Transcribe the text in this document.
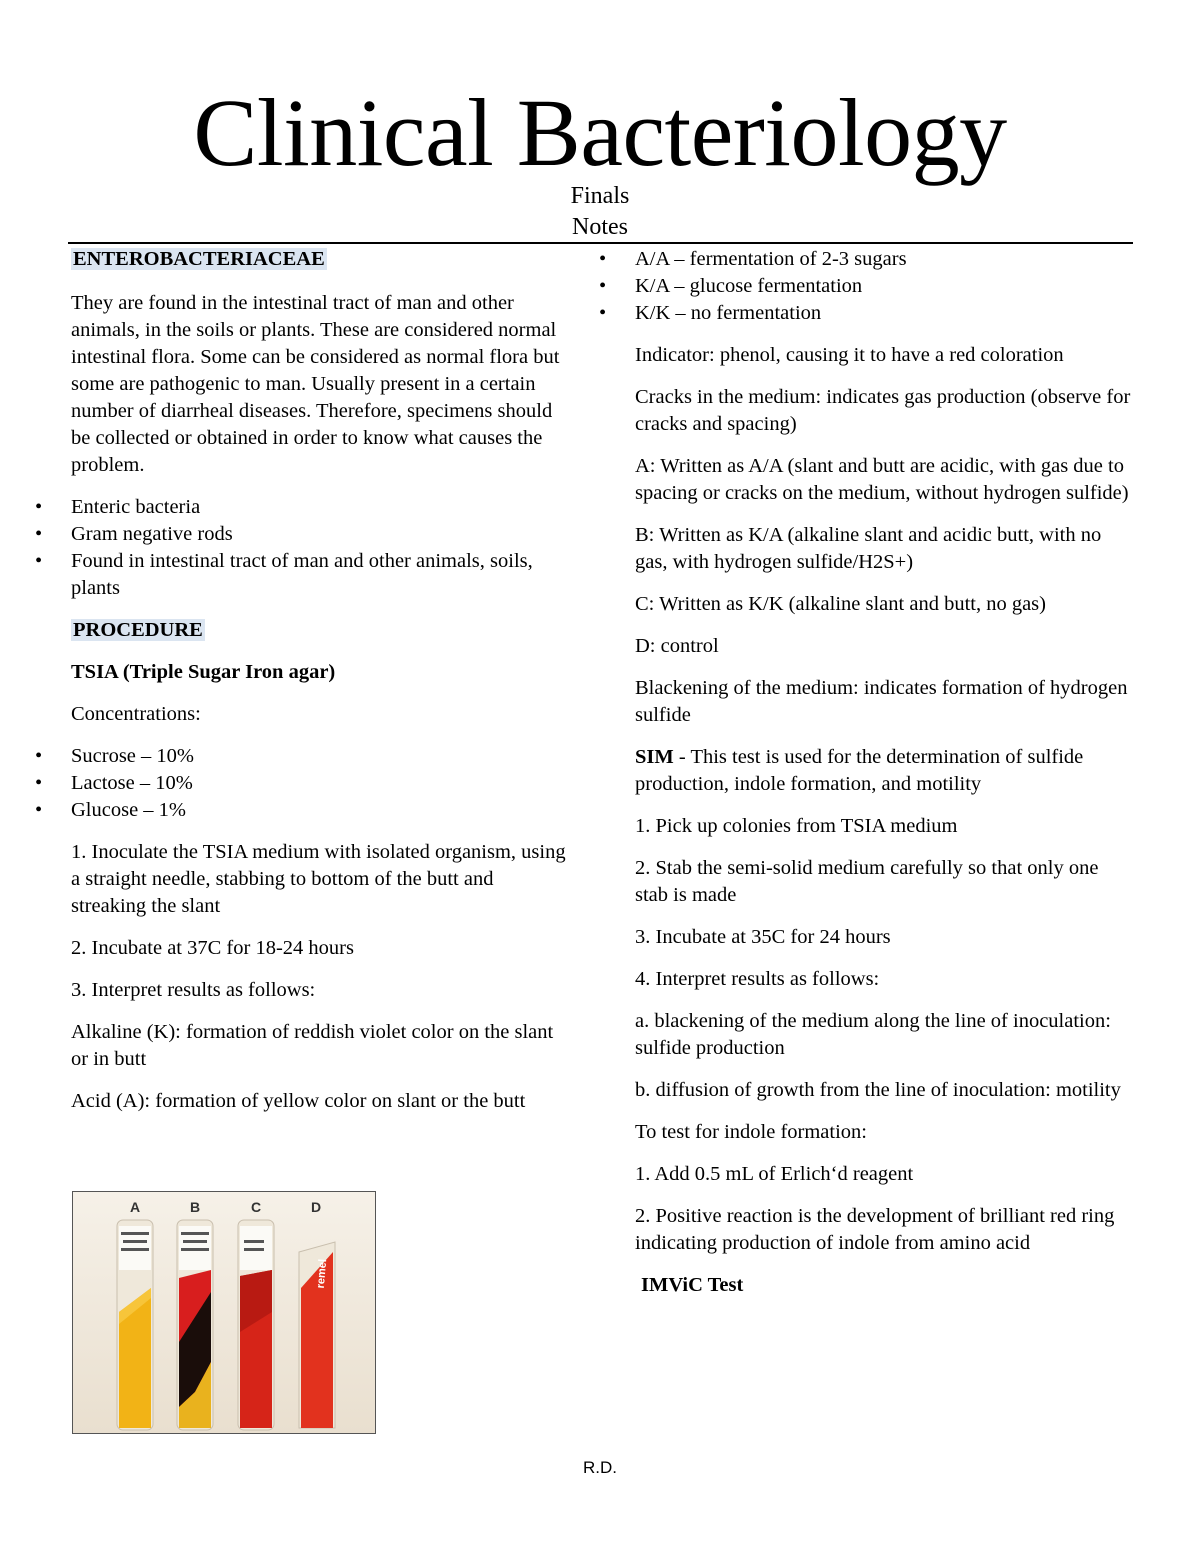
Clinical Bacteriology
Finals
Notes

ENTEROBACTERIACEAE

They are found in the intestinal tract of man and other animals, in the soils or plants. These are considered normal intestinal flora. Some can be considered as normal flora but some are pathogenic to man. Usually present in a certain number of diarrheal diseases. Therefore, specimens should be collected or obtained in order to know what causes the problem.

• Enteric bacteria
• Gram negative rods
• Found in intestinal tract of man and other animals, soils, plants

PROCEDURE

TSIA (Triple Sugar Iron agar)

Concentrations:

• Sucrose – 10%
• Lactose – 10%
• Glucose – 1%

1. Inoculate the TSIA medium with isolated organism, using a straight needle, stabbing to bottom of the butt and streaking the slant

2. Incubate at 37C for 18-24 hours

3. Interpret results as follows:

Alkaline (K): formation of reddish violet color on the slant or in butt

Acid (A): formation of yellow color on slant or the butt

A	B	C	D
remel
• A/A – fermentation of 2-3 sugars
• K/A – glucose fermentation
• K/K – no fermentation

Indicator: phenol, causing it to have a red coloration

Cracks in the medium: indicates gas production (observe for cracks and spacing)

A: Written as A/A (slant and butt are acidic, with gas due to spacing or cracks on the medium, without hydrogen sulfide)

B: Written as K/A (alkaline slant and acidic butt, with no gas, with hydrogen sulfide/H2S+)

C: Written as K/K (alkaline slant and butt, no gas)

D: control

Blackening of the medium: indicates formation of hydrogen sulfide

SIM - This test is used for the determination of sulfide production, indole formation, and motility

1. Pick up colonies from TSIA medium

2. Stab the semi-solid medium carefully so that only one stab is made

3. Incubate at 35C for 24 hours

4. Interpret results as follows:

a. blackening of the medium along the line of inoculation: sulfide production

b. diffusion of growth from the line of inoculation: motility

To test for indole formation:

1. Add 0.5 mL of Erlich‘d reagent

2. Positive reaction is the development of brilliant red ring indicating production of indole from amino acid

IMViC Test

R.D.
